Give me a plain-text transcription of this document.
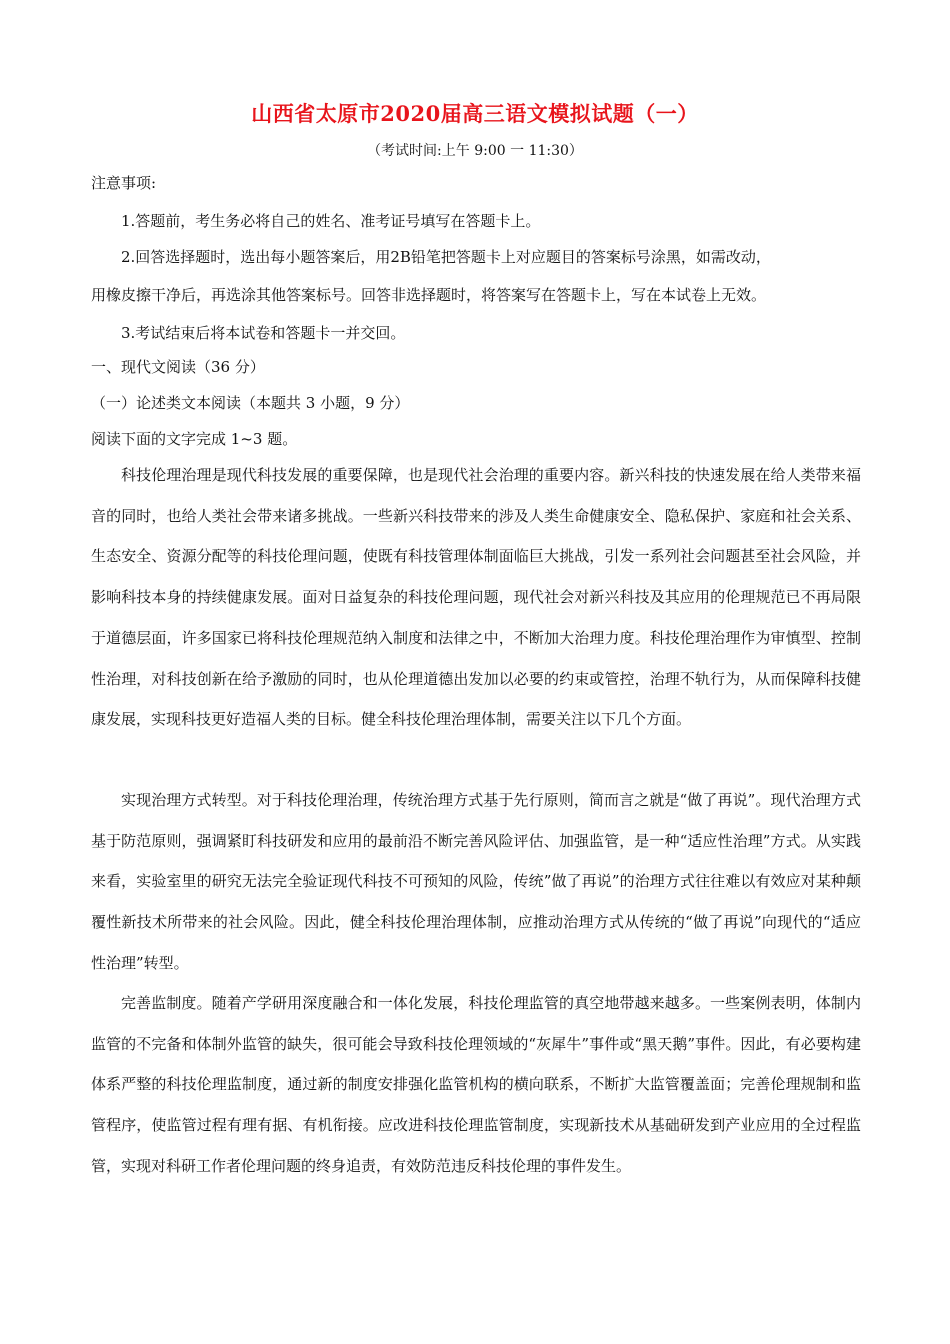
山西省太原市2020届高三语文模拟试题（一）
（考试时间:上午 9:00 一 11:30）
注意事项:
1.答题前，考生务必将自己的姓名、准考证号填写在答题卡上。
2.回答选择题时，选出每小题答案后，用2B铅笔把答题卡上对应题目的答案标号涂黑，如需改动，
用橡皮擦干净后，再选涂其他答案标号。回答非选择题时，将答案写在答题卡上，写在本试卷上无效。
3.考试结束后将本试卷和答题卡一并交回。
一、现代文阅读（36 分）
（一）论述类文本阅读（本题共 3 小题，9 分）
阅读下面的文字完成 1~3 题。
科技伦理治理是现代科技发展的重要保障，也是现代社会治理的重要内容。新兴科技的快速发展在给人类带来福音的同时，也给人类社会带来诸多挑战。一些新兴科技带来的涉及人类生命健康安全、隐私保护、家庭和社会关系、生态安全、资源分配等的科技伦理问题，使既有科技管理体制面临巨大挑战，引发一系列社会问题甚至社会风险，并影响科技本身的持续健康发展。面对日益复杂的科技伦理问题，现代社会对新兴科技及其应用的伦理规范已不再局限于道德层面，许多国家已将科技伦理规范纳入制度和法律之中，不断加大治理力度。科技伦理治理作为审慎型、控制性治理，对科技创新在给予激励的同时，也从伦理道德出发加以必要的约束或管控，治理不轨行为，从而保障科技健康发展，实现科技更好造福人类的目标。健全科技伦理治理体制，需要关注以下几个方面。
实现治理方式转型。对于科技伦理治理，传统治理方式基于先行原则，简而言之就是“做了再说”。现代治理方式基于防范原则，强调紧盯科技研发和应用的最前沿不断完善风险评估、加强监管，是一种“适应性治理”方式。从实践来看，实验室里的研究无法完全验证现代科技不可预知的风险，传统”做了再说”的治理方式往往难以有效应对某种颠覆性新技术所带来的社会风险。因此，健全科技伦理治理体制，应推动治理方式从传统的“做了再说”向现代的“适应性治理”转型。
完善监制度。随着产学研用深度融合和一体化发展，科技伦理监管的真空地带越来越多。一些案例表明，体制内监管的不完备和体制外监管的缺失，很可能会导致科技伦理领域的“灰犀牛”事件或“黑天鹅”事件。因此，有必要构建体系严整的科技伦理监制度，通过新的制度安排强化监管机构的横向联系，不断扩大监管覆盖面；完善伦理规制和监管程序，使监管过程有理有据、有机衔接。应改进科技伦理监管制度，实现新技术从基础研发到产业应用的全过程监管，实现对科研工作者伦理问题的终身追责，有效防范违反科技伦理的事件发生。
